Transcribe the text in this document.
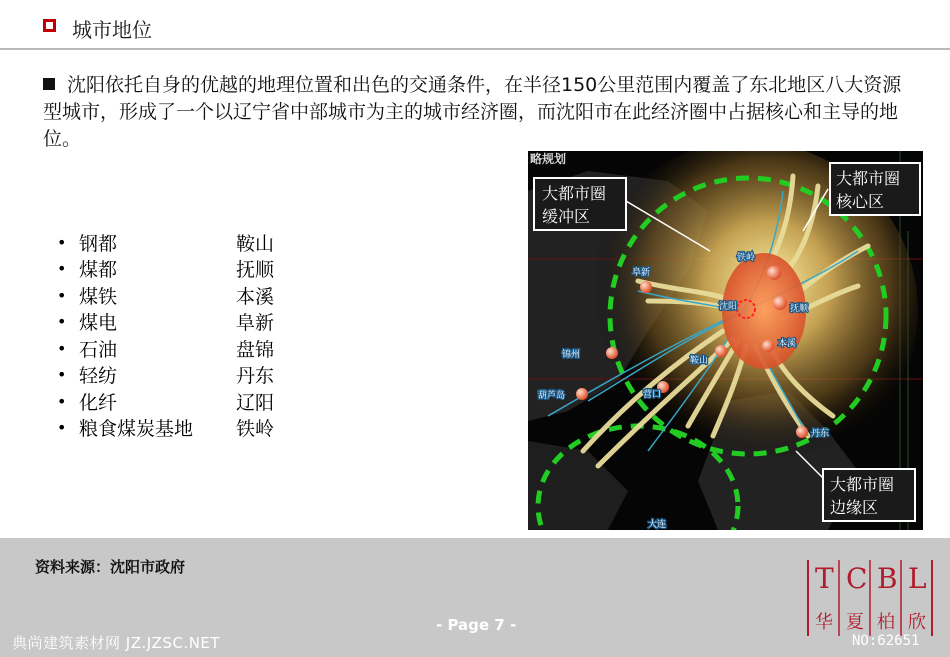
城市地位
沈阳依托自身的优越的地理位置和出色的交通条件，在半径150公里范围内覆盖了东北地区八大资源型城市，形成了一个以辽宁省中部城市为主的城市经济圈，而沈阳市在此经济圈中占据核心和主导的地位。
• 钢都	鞍山
• 煤都	抚顺
• 煤铁	本溪
• 煤电	阜新
• 石油	盘锦
• 轻纺	丹东
• 化纤	辽阳
• 粮食煤炭基地	铁岭
阜新
铁岭
沈阳	抚顺
本溪
鞍山
锦州
葫芦岛	营口
丹东
大连
略规划
大都市圈
缓冲区
大都市圈
核心区
大都市圈
边缘区
资料来源：沈阳市政府
- Page 7 -
典尚建筑素材网 JZ.JZSC.NET	NO:62651
T C B L
华 夏 柏 欣
